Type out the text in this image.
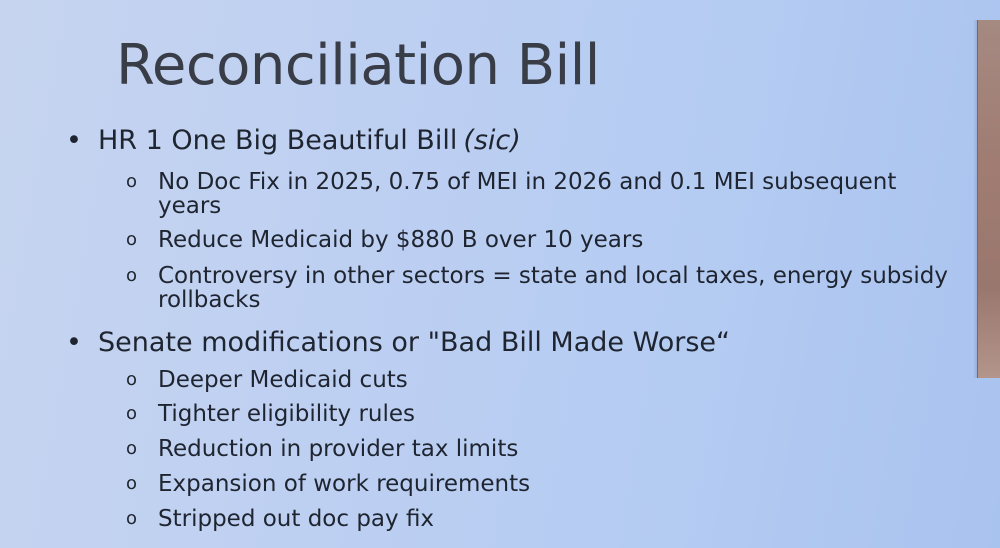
Reconciliation Bill
• HR 1 One Big Beautiful Bill (sic)
o No Doc Fix in 2025, 0.75 of MEI in 2026 and 0.1 MEI subsequent years
o Reduce Medicaid by $880 B over 10 years
o Controversy in other sectors = state and local taxes, energy subsidy rollbacks
• Senate modifications or "Bad Bill Made Worse“
o Deeper Medicaid cuts
o Tighter eligibility rules
o Reduction in provider tax limits
o Expansion of work requirements
o Stripped out doc pay fix
